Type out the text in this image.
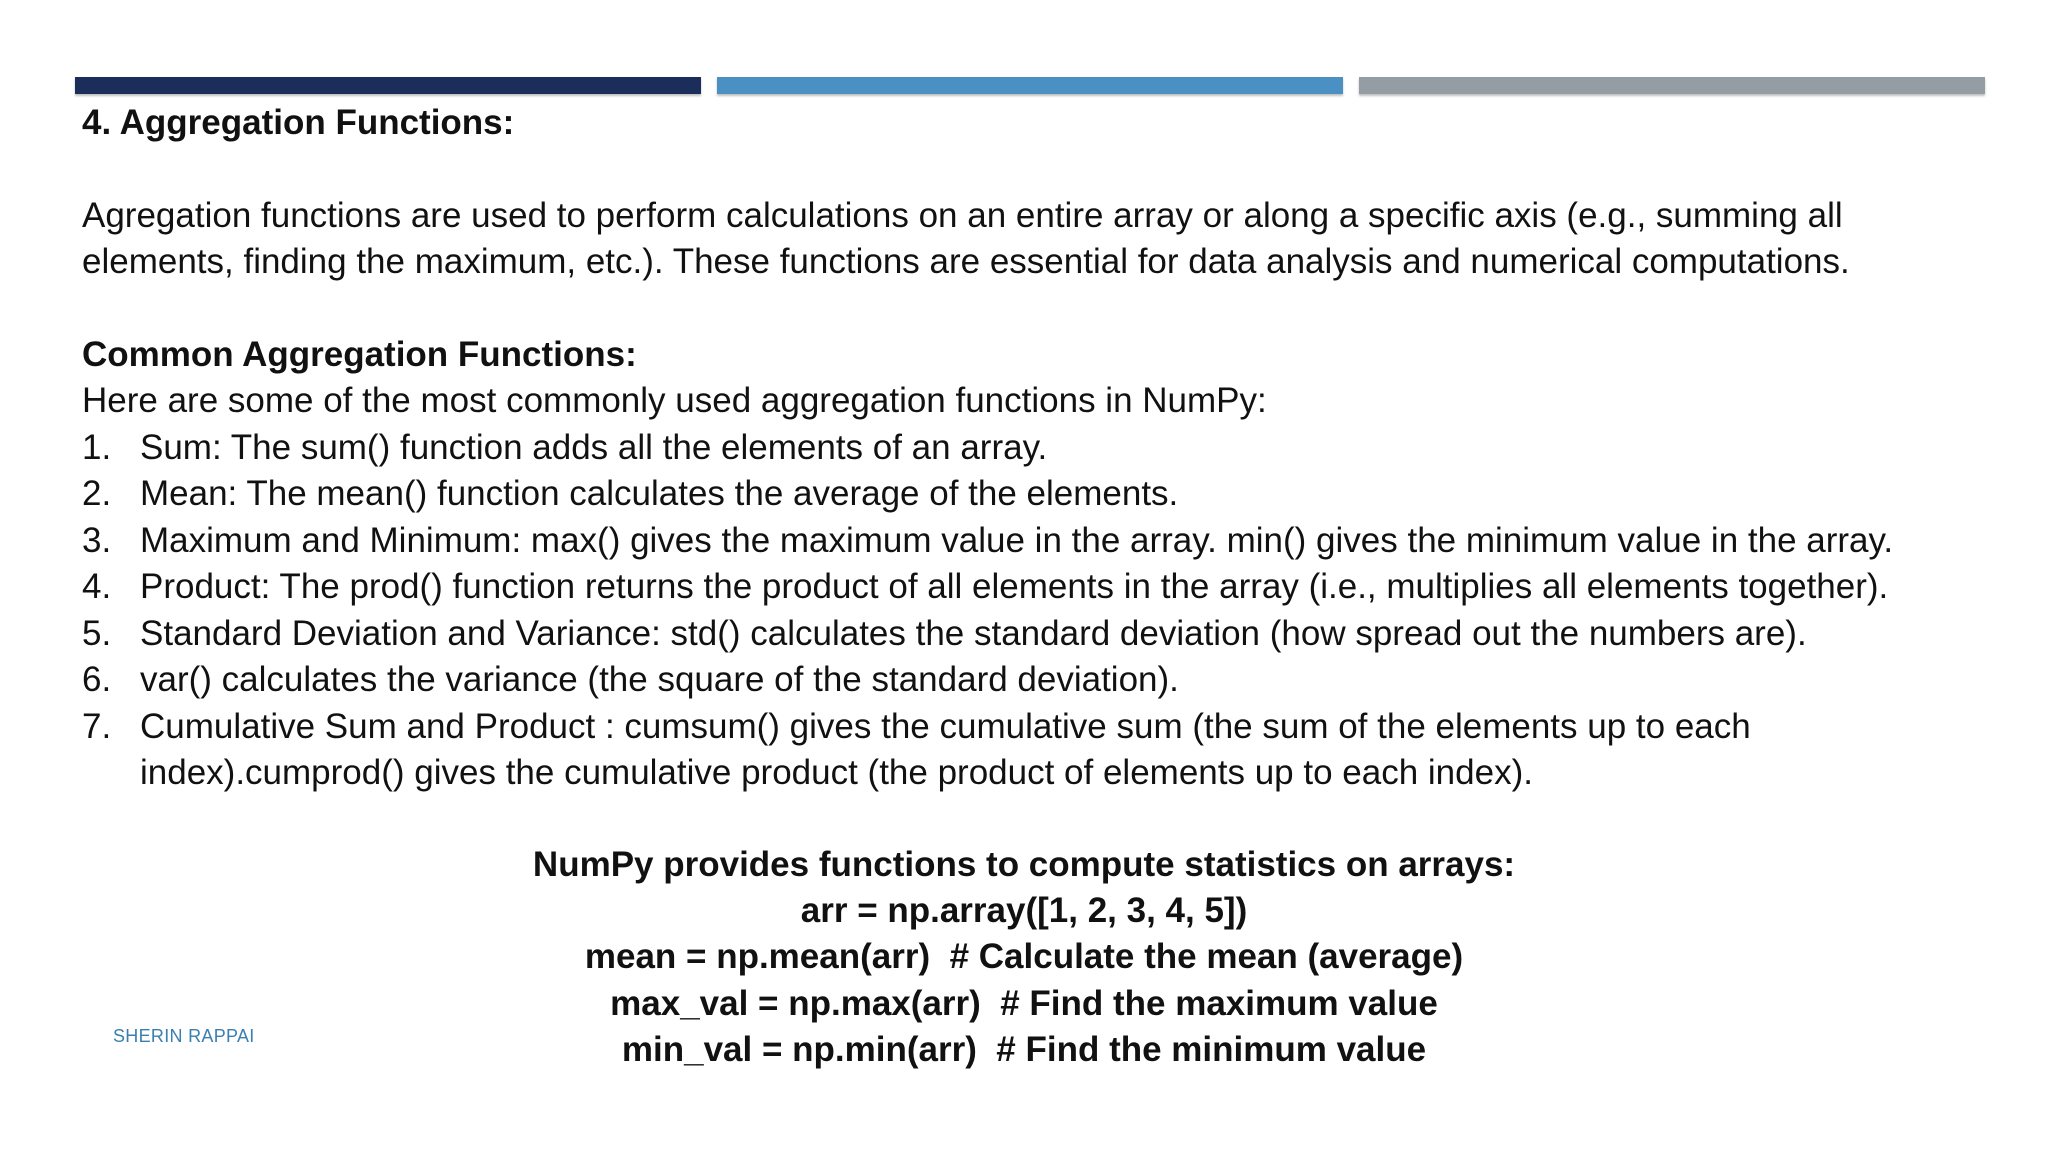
4. Aggregation Functions:

Agregation functions are used to perform calculations on an entire array or along a specific axis (e.g., summing all

elements, finding the maximum, etc.). These functions are essential for data analysis and numerical computations.

Common Aggregation Functions:

Here are some of the most commonly used aggregation functions in NumPy:

1. Sum: The sum() function adds all the elements of an array.
2. Mean: The mean() function calculates the average of the elements.
3. Maximum and Minimum: max() gives the maximum value in the array. min() gives the minimum value in the array.
4. Product: The prod() function returns the product of all elements in the array (i.e., multiplies all elements together).
5. Standard Deviation and Variance: std() calculates the standard deviation (how spread out the numbers are).
6. var() calculates the variance (the square of the standard deviation).
7. Cumulative Sum and Product : cumsum() gives the cumulative sum (the sum of the elements up to each index).cumprod() gives the cumulative product (the product of elements up to each index).

NumPy provides functions to compute statistics on arrays:

arr = np.array([1, 2, 3, 4, 5])

mean = np.mean(arr)  # Calculate the mean (average)

max_val = np.max(arr)  # Find the maximum value

min_val = np.min(arr)  # Find the minimum value

SHERIN RAPPAI
